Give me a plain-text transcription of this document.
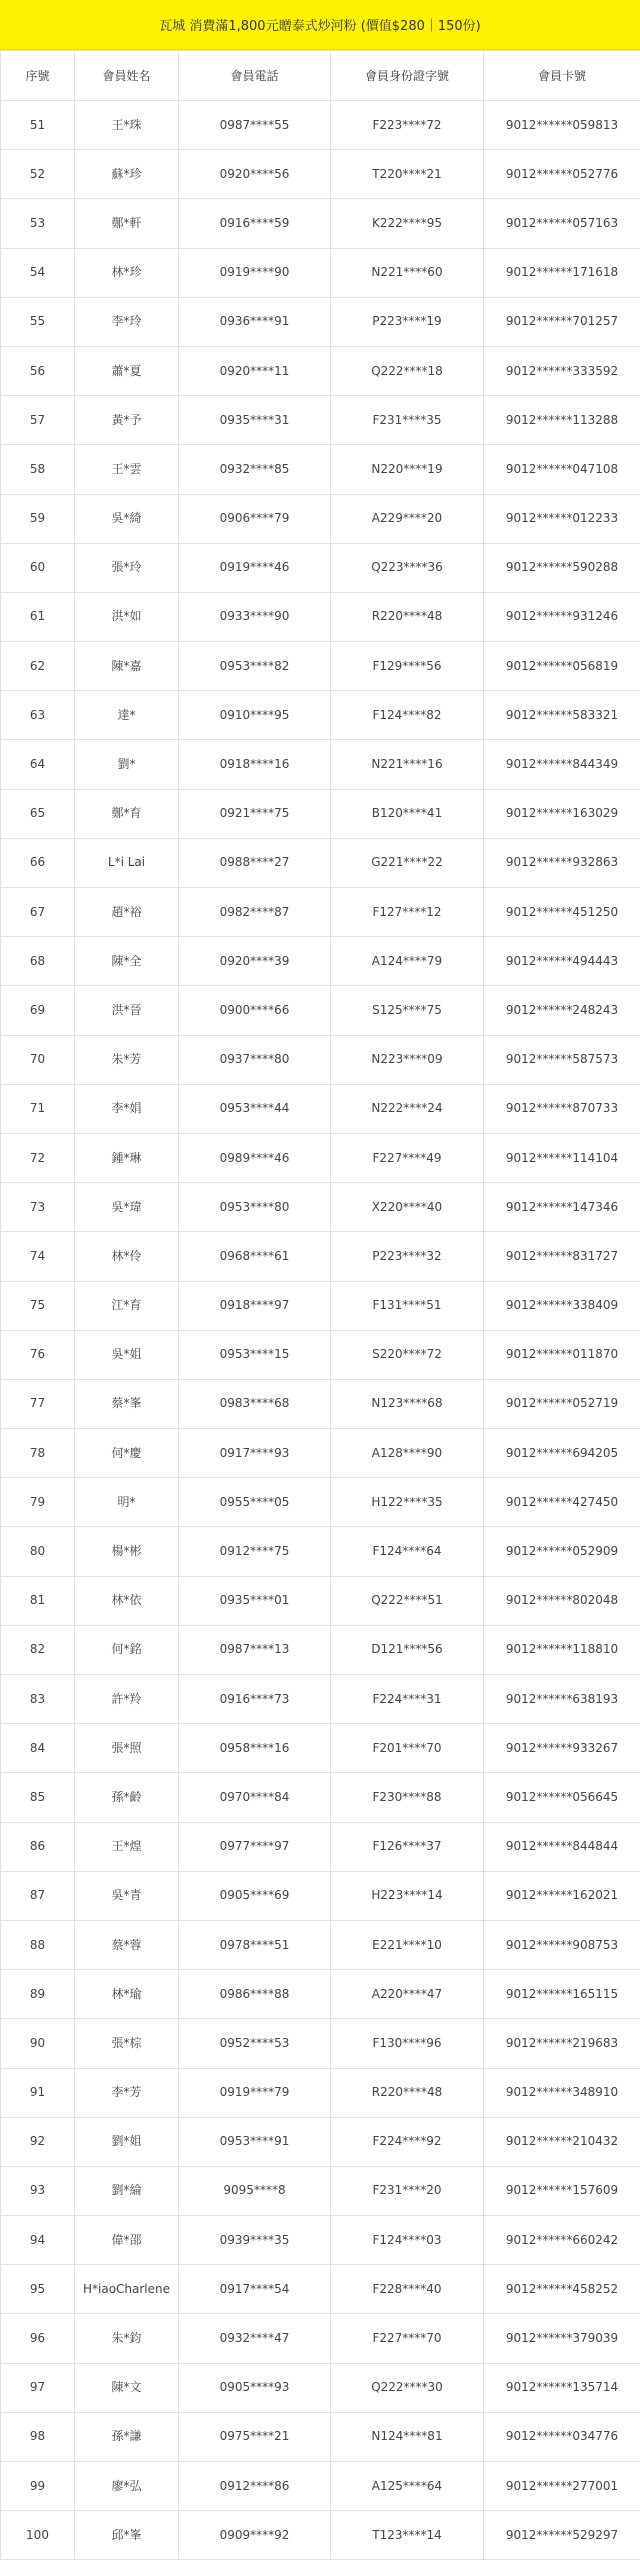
瓦城 消費滿1,800元贈泰式炒河粉 (價值$280｜150份)
序號	會員姓名	會員電話	會員身份證字號	會員卡號
51	王*珠	0987****55	F223****72	9012******059813
52	蘇*珍	0920****56	T220****21	9012******052776
53	鄭*軒	0916****59	K222****95	9012******057163
54	林*珍	0919****90	N221****60	9012******171618
55	李*玲	0936****91	P223****19	9012******701257
56	蕭*夏	0920****11	Q222****18	9012******333592
57	黃*予	0935****31	F231****35	9012******113288
58	王*雲	0932****85	N220****19	9012******047108
59	吳*綺	0906****79	A229****20	9012******012233
60	張*玲	0919****46	Q223****36	9012******590288
61	洪*如	0933****90	R220****48	9012******931246
62	陳*嘉	0953****82	F129****56	9012******056819
63	達*	0910****95	F124****82	9012******583321
64	劉*	0918****16	N221****16	9012******844349
65	鄭*育	0921****75	B120****41	9012******163029
66	L*i Lai	0988****27	G221****22	9012******932863
67	趙*裕	0982****87	F127****12	9012******451250
68	陳*全	0920****39	A124****79	9012******494443
69	洪*晉	0900****66	S125****75	9012******248243
70	朱*芳	0937****80	N223****09	9012******587573
71	李*娟	0953****44	N222****24	9012******870733
72	鍾*琳	0989****46	F227****49	9012******114104
73	吳*瑋	0953****80	X220****40	9012******147346
74	林*伶	0968****61	P223****32	9012******831727
75	江*育	0918****97	F131****51	9012******338409
76	吳*姐	0953****15	S220****72	9012******011870
77	蔡*峯	0983****68	N123****68	9012******052719
78	何*慶	0917****93	A128****90	9012******694205
79	明*	0955****05	H122****35	9012******427450
80	楊*彬	0912****75	F124****64	9012******052909
81	林*依	0935****01	Q222****51	9012******802048
82	何*銘	0987****13	D121****56	9012******118810
83	許*羚	0916****73	F224****31	9012******638193
84	張*照	0958****16	F201****70	9012******933267
85	孫*齡	0970****84	F230****88	9012******056645
86	王*煌	0977****97	F126****37	9012******844844
87	吳*青	0905****69	H223****14	9012******162021
88	蔡*蓉	0978****51	E221****10	9012******908753
89	林*瑜	0986****88	A220****47	9012******165115
90	張*棕	0952****53	F130****96	9012******219683
91	李*芳	0919****79	R220****48	9012******348910
92	劉*姐	0953****91	F224****92	9012******210432
93	劉*綸	9095****8	F231****20	9012******157609
94	偉*邵	0939****35	F124****03	9012******660242
95	H*iaoCharlene	0917****54	F228****40	9012******458252
96	朱*鈞	0932****47	F227****70	9012******379039
97	陳*文	0905****93	Q222****30	9012******135714
98	孫*謙	0975****21	N124****81	9012******034776
99	廖*弘	0912****86	A125****64	9012******277001
100	邱*峯	0909****92	T123****14	9012******529297
